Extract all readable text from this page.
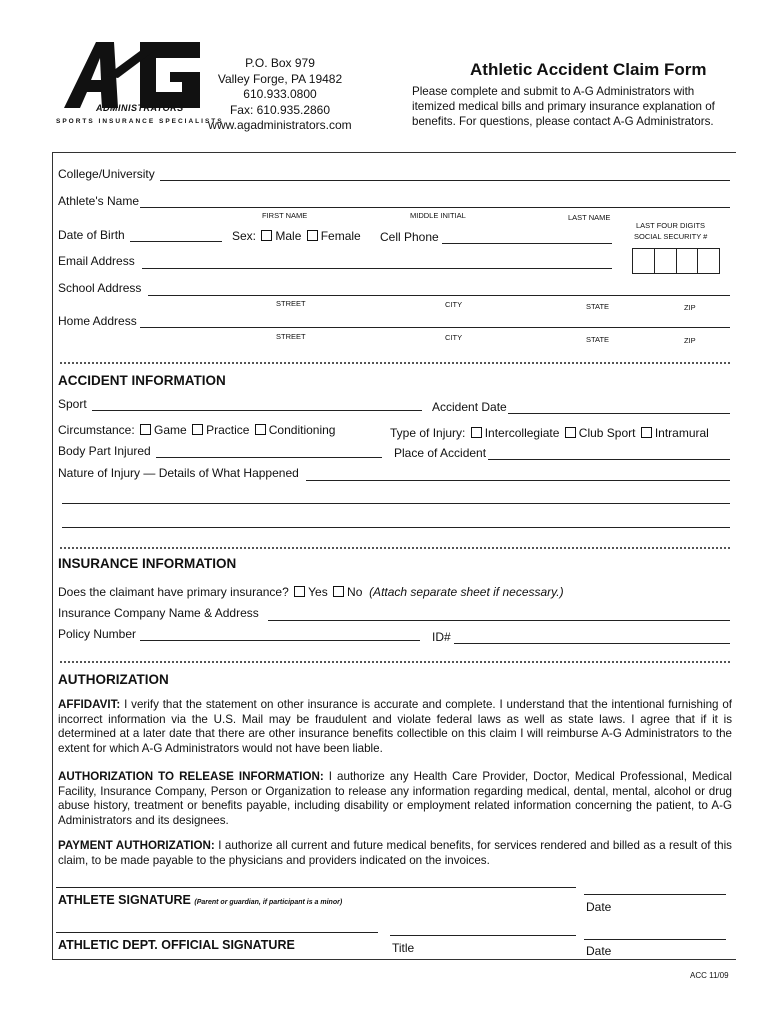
ADMINISTRATORS
SPORTS INSURANCE SPECIALISTS
P.O. Box 979
Valley Forge, PA 19482
610.933.0800
Fax: 610.935.2860
www.agadministrators.com
Athletic Accident Claim Form
Please complete and submit to A-G Administrators with itemized medical bills and primary insurance explanation of benefits. For questions, please contact A-G Administrators.
College/University
Athlete's Name
FIRST NAME	MIDDLE INITIAL	LAST NAME
LAST FOUR DIGITS
SOCIAL SECURITY #
Date of Birth	Sex: Male Female Cell Phone
Email Address
School Address
STREET	CITY	STATE	ZIP
Home Address
STREET	CITY	STATE	ZIP
ACCIDENT INFORMATION
Sport	Accident Date
Circumstance: Game Practice Conditioning	Type of Injury: Intercollegiate Club Sport Intramural
Body Part Injured	Place of Accident
Nature of Injury — Details of What Happened
INSURANCE INFORMATION
Does the claimant have primary insurance? Yes No (Attach separate sheet if necessary.)
Insurance Company Name & Address
Policy Number	ID#
AUTHORIZATION
AFFIDAVIT: I verify that the statement on other insurance is accurate and complete. I understand that the intentional furnishing of incorrect information via the U.S. Mail may be fraudulent and violate federal laws as well as state laws. I agree that if it is determined at a later date that there are other insurance benefits collectible on this claim I will reimburse A-G Administrators to the extent for which A-G Administrators would not have been liable.
AUTHORIZATION TO RELEASE INFORMATION: I authorize any Health Care Provider, Doctor, Medical Professional, Medical Facility, Insurance Company, Person or Organization to release any information regarding medical, dental, mental, alcohol or drug abuse history, treatment or benefits payable, including disability or employment related information concerning the patient, to A-G Administrators and its designees.
PAYMENT AUTHORIZATION: I authorize all current and future medical benefits, for services rendered and billed as a result of this claim, to be made payable to the physicians and providers indicated on the invoices.
ATHLETE SIGNATURE (Parent or guardian, if participant is a minor)	Date
ATHLETIC DEPT. OFFICIAL SIGNATURE	Title	Date
ACC 11/09
